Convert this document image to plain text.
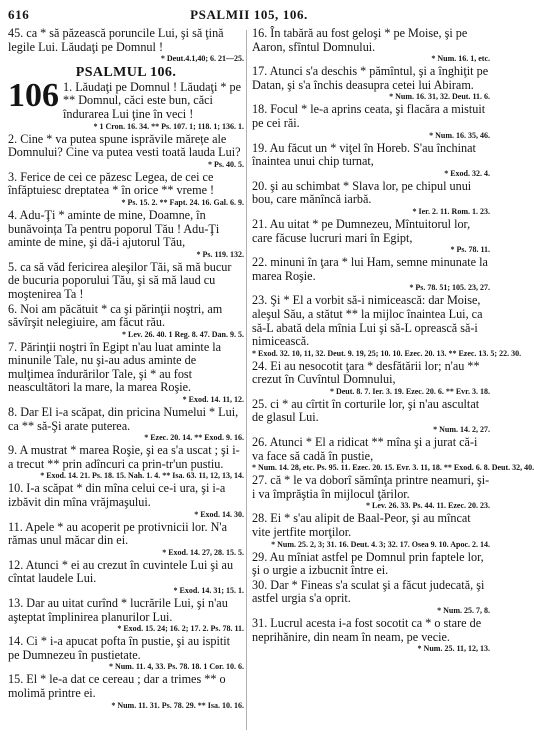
616	PSALMII 105, 106.
45. ca * să păzească poruncile Lui, şi să ţină legile Lui. Lăudaţi pe Domnul !
* Deut.4.1,40; 6. 21—25.
PSALMUL 106.
106 1. Lăudaţi pe Domnul ! Lăudaţi * pe ** Domnul, căci este bun, căci îndurarea Lui ţine în veci !
* 1 Cron. 16. 34. ** Ps. 107. 1; 118. 1; 136. 1.
2. Cine * va putea spune isprăvile mărețe ale Domnului? Cine va putea vesti toată lauda Lui?
* Ps. 40. 5.
3. Ferice de cei ce păzesc Legea, de cei ce înfăptuiesc dreptatea * în orice ** vreme !
* Ps. 15. 2. ** Fapt. 24. 16. Gal. 6. 9.
4. Adu-Ţi * aminte de mine, Doamne, în bunăvoința Ta pentru poporul Tău ! Adu-Ţi aminte de mine, şi dă-i ajutorul Tău,
* Ps. 119. 132.
5. ca să văd fericirea aleşilor Tăi, să mă bucur de bucuria poporului Tău, şi să mă laud cu moştenirea Ta !
6. Noi am păcătuit * ca şi părinţii noştri, am săvîrşit nelegiuire, am făcut rău.
* Lev. 26. 40. 1 Reg. 8. 47. Dan. 9. 5.
7. Părinţii noştri în Egipt n'au luat aminte la minunile Tale, nu şi-au adus aminte de mulţimea îndurărilor Tale, şi * au fost neascultători la mare, la marea Roşie.
* Exod. 14. 11, 12.
8. Dar El i-a scăpat, din pricina Numelui * Lui, ca ** să-Şi arate puterea.
* Ezec. 20. 14. ** Exod. 9. 16.
9. A mustrat * marea Roşie, şi ea s'a uscat ; şi i-a trecut ** prin adîncuri ca prin-tr'un pustiu.
* Exod. 14. 21. Ps. 18. 15. Nah. 1. 4. ** Isa. 63. 11, 12, 13, 14.
10. I-a scăpat * din mîna celui ce-i ura, şi i-a izbăvit din mîna vrăjmaşului.
* Exod. 14. 30.
11. Apele * au acoperit pe protivnicii lor. N'a rămas unul măcar din ei.
* Exod. 14. 27, 28. 15. 5.
12. Atunci * ei au crezut în cuvintele Lui şi au cîntat laudele Lui.
* Exod. 14. 31; 15. 1.
13. Dar au uitat curînd * lucrările Lui, şi n'au aşteptat împlinirea planurilor Lui.
* Exod. 15. 24; 16. 2; 17. 2. Ps. 78. 11.
14. Ci * i-a apucat pofta în pustie, şi au ispitit pe Dumnezeu în pustietate.
* Num. 11. 4, 33. Ps. 78. 18. 1 Cor. 10. 6.
15. El * le-a dat ce cereau ; dar a trimes ** o molimă printre ei.
* Num. 11. 31. Ps. 78. 29. ** Isa. 10. 16.
16. În tabără au fost geloşi * pe Moise, şi pe Aaron, sfîntul Domnului.
* Num. 16. 1, etc.
17. Atunci s'a deschis * pămîntul, şi a înghiţit pe Datan, şi s'a închis deasupra cetei lui Abiram.
* Num. 16. 31, 32. Deut. 11. 6.
18. Focul * le-a aprins ceata, şi flacăra a mistuit pe cei răi.
* Num. 16. 35, 46.
19. Au făcut un * viţel în Horeb. S'au închinat înaintea unui chip turnat,
* Exod. 32. 4.
20. şi au schimbat * Slava lor, pe chipul unui bou, care mănîncă iarbă.
* Ier. 2. 11. Rom. 1. 23.
21. Au uitat * pe Dumnezeu, Mîntuitorul lor, care făcuse lucruri mari în Egipt,
* Ps. 78. 11.
22. minuni în ţara * lui Ham, semne minunate la marea Roşie.
* Ps. 78. 51; 105. 23, 27.
23. Şi * El a vorbit să-i nimicească: dar Moise, aleşul Său, a stătut ** la mijloc înaintea Lui, ca să-L abată dela mînia Lui şi să-L oprească să-i nimicească.
* Exod. 32. 10, 11, 32. Deut. 9. 19, 25; 10. 10. Ezec. 20. 13. ** Ezec. 13. 5; 22. 30.
24. Ei au nesocotit ţara * desfătării lor; n'au ** crezut în Cuvîntul Domnului,
* Deut. 8. 7. Ier. 3. 19. Ezec. 20. 6. ** Evr. 3. 18.
25. ci * au cîrtit în corturile lor, şi n'au ascultat de glasul Lui.
* Num. 14. 2, 27.
26. Atunci * El a ridicat ** mîna şi a jurat că-i va face să cadă în pustie,
* Num. 14. 28, etc. Ps. 95. 11. Ezec. 20. 15. Evr. 3. 11, 18. ** Exod. 6. 8. Deut. 32, 40.
27. că * le va doborî sămînţa printre neamuri, şi-i va împrăştia în mijlocul ţărilor.
* Lev. 26. 33. Ps. 44. 11. Ezec. 20. 23.
28. Ei * s'au alipit de Baal-Peor, şi au mîncat vite jertfite morţilor.
* Num. 25. 2, 3; 31. 16. Deut. 4. 3; 32. 17. Osea 9. 10. Apoc. 2. 14.
29. Au mîniat astfel pe Domnul prin faptele lor, şi o urgie a izbucnit între ei.
30. Dar * Fineas s'a sculat şi a făcut judecată, şi astfel urgia s'a oprit.
* Num. 25. 7, 8.
31. Lucrul acesta i-a fost socotit ca * o stare de neprihănire, din neam în neam, pe vecie.
* Num. 25. 11, 12, 13.
